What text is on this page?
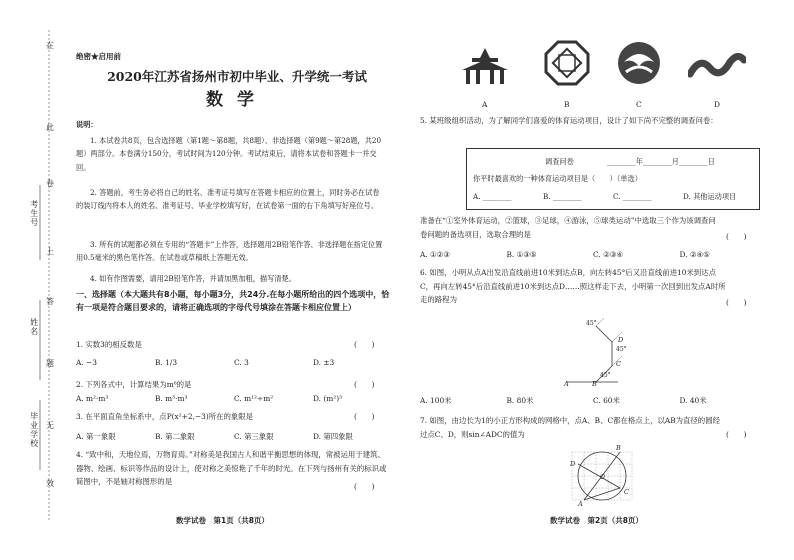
在
此
卷
上
答
题
无
效
考生号
姓名
毕业学校
绝密★启用前
2020年江苏省扬州市初中毕业、升学统一考试
数学
说明：
1. 本试卷共8页，包含选择题（第1题～第8题，共8题）、非选择题（第9题～第28题，共20题）两部分。本卷满分150分，考试时间为120分钟。考试结束后，请将本试卷和答题卡一并交回。
2. 答题前，考生务必将自己的姓名、准考证号填写在答题卡相应的位置上，同时务必在试卷的装订线内将本人的姓名、准考证号、毕业学校填写好，在试卷第一面的右下角填写好座位号。
3. 所有的试题都必须在专用的“答题卡”上作答，选择题用2B铅笔作答、非选择题在指定位置用0.5毫米的黑色笔作答。在试卷或草稿纸上答题无效。
4. 如有作图需要，请用2B铅笔作答，并请加黑加粗，描写清楚。
一、选择题（本大题共有8小题，每小题3分，共24分.在每小题所给出的四个选项中，恰有一项是符合题目要求的，请将正确选项的字母代号填涂在答题卡相应位置上）
1. 实数3的相反数是	(　　)
A. −3	B. 1/3	C. 3	D. ±3
2. 下列各式中，计算结果为m⁶的是	(　　)
A. m²·m³	B. m³·m³	C. m¹²÷m²	D. (m²)³
3. 在平面直角坐标系中，点P(x²+2,−3)所在的象限是	(　　)
A. 第一象限	B. 第二象限	C. 第三象限	D. 第四象限
4. “致中和，天地位焉，万物育焉。”对称美是我国古人和谐平衡思想的体现，常被运用于建筑、器物、绘画、标识等作品的设计上，使对称之美惊艳了千年的时光。在下列与扬州有关的标识或简图中，不是轴对称图形的是
(　　)
数学试卷　第1页（共8页）
A	B	C	D
5. 某班级组织活动，为了解同学们喜爱的体育运动项目，设计了如下尚不完整的调查问卷：
调查问卷	________年________月________日
你平时最喜欢的一种体育运动项目是（　　）（单选）
A. ________	B. ________	C. ________	D. 其他运动项目
准备在“①室外体育运动，②篮球，③足球，④游泳，⑤球类运动”中选取三个作为该调查问卷问题的备选项目，选取合理的是	(　　)
A. ①②③	B. ①③⑤	C. ②③④	D. ②④⑤
6. 如图，小明从点A出发沿直线前进10米到达点B，向左转45°后又沿直线前进10米到达点C，再向左转45°后沿直线前进10米到达点D……照这样走下去，小明第一次回到出发点A时所走的路程为	(　　)
45°
45°
45°
A	B
C
D
A. 100米	B. 80米	C. 60米	D. 40米
7. 如图，由边长为1的小正方形构成的网格中，点A、B、C都在格点上，以AB为直径的圆经过点C、D，则sin∠ADC的值为	(　　)
D
B
A
C
O
数学试卷　第2页（共8页）
